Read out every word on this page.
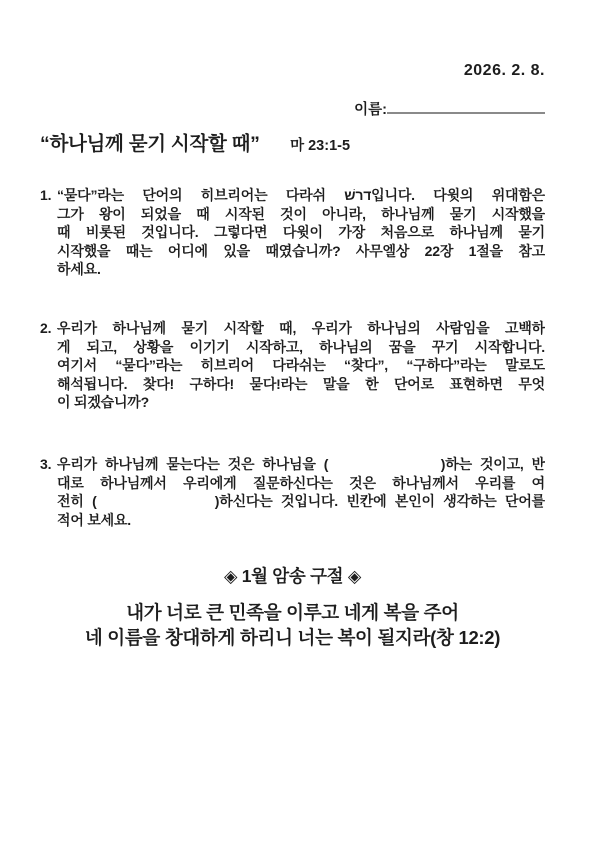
2026. 2. 8.
이름:
“하나님께 묻기 시작할 때” 마 23:1-5
1. “묻다”라는 단어의 히브리어는 다라쉬 דרשׁ입니다. 다윗의 위대함은
그가 왕이 되었을 때 시작된 것이 아니라, 하나님께 묻기 시작했을
때 비롯된 것입니다. 그렇다면 다윗이 가장 처음으로 하나님께 묻기
시작했을 때는 어디에 있을 때였습니까? 사무엘상 22장 1절을 참고
하세요.
2. 우리가 하나님께 묻기 시작할 때, 우리가 하나님의 사람임을 고백하
게 되고, 상황을 이기기 시작하고, 하나님의 꿈을 꾸기 시작합니다.
여기서 “묻다”라는 히브리어 다라쉬는 “찾다”, “구하다”라는 말로도
해석됩니다. 찾다! 구하다! 묻다!라는 말을 한 단어로 표현하면 무엇
이 되겠습니까?
3. 우리가 하나님께 묻는다는 것은 하나님을 (              )하는 것이고, 반
대로 하나님께서 우리에게 질문하신다는 것은 하나님께서 우리를 여
전히 (              )하신다는 것입니다. 빈칸에 본인이 생각하는 단어를
적어 보세요.
◈ 1월 암송 구절 ◈
내가 너로 큰 민족을 이루고 네게 복을 주어
네 이름을 창대하게 하리니 너는 복이 될지라(창 12:2)
